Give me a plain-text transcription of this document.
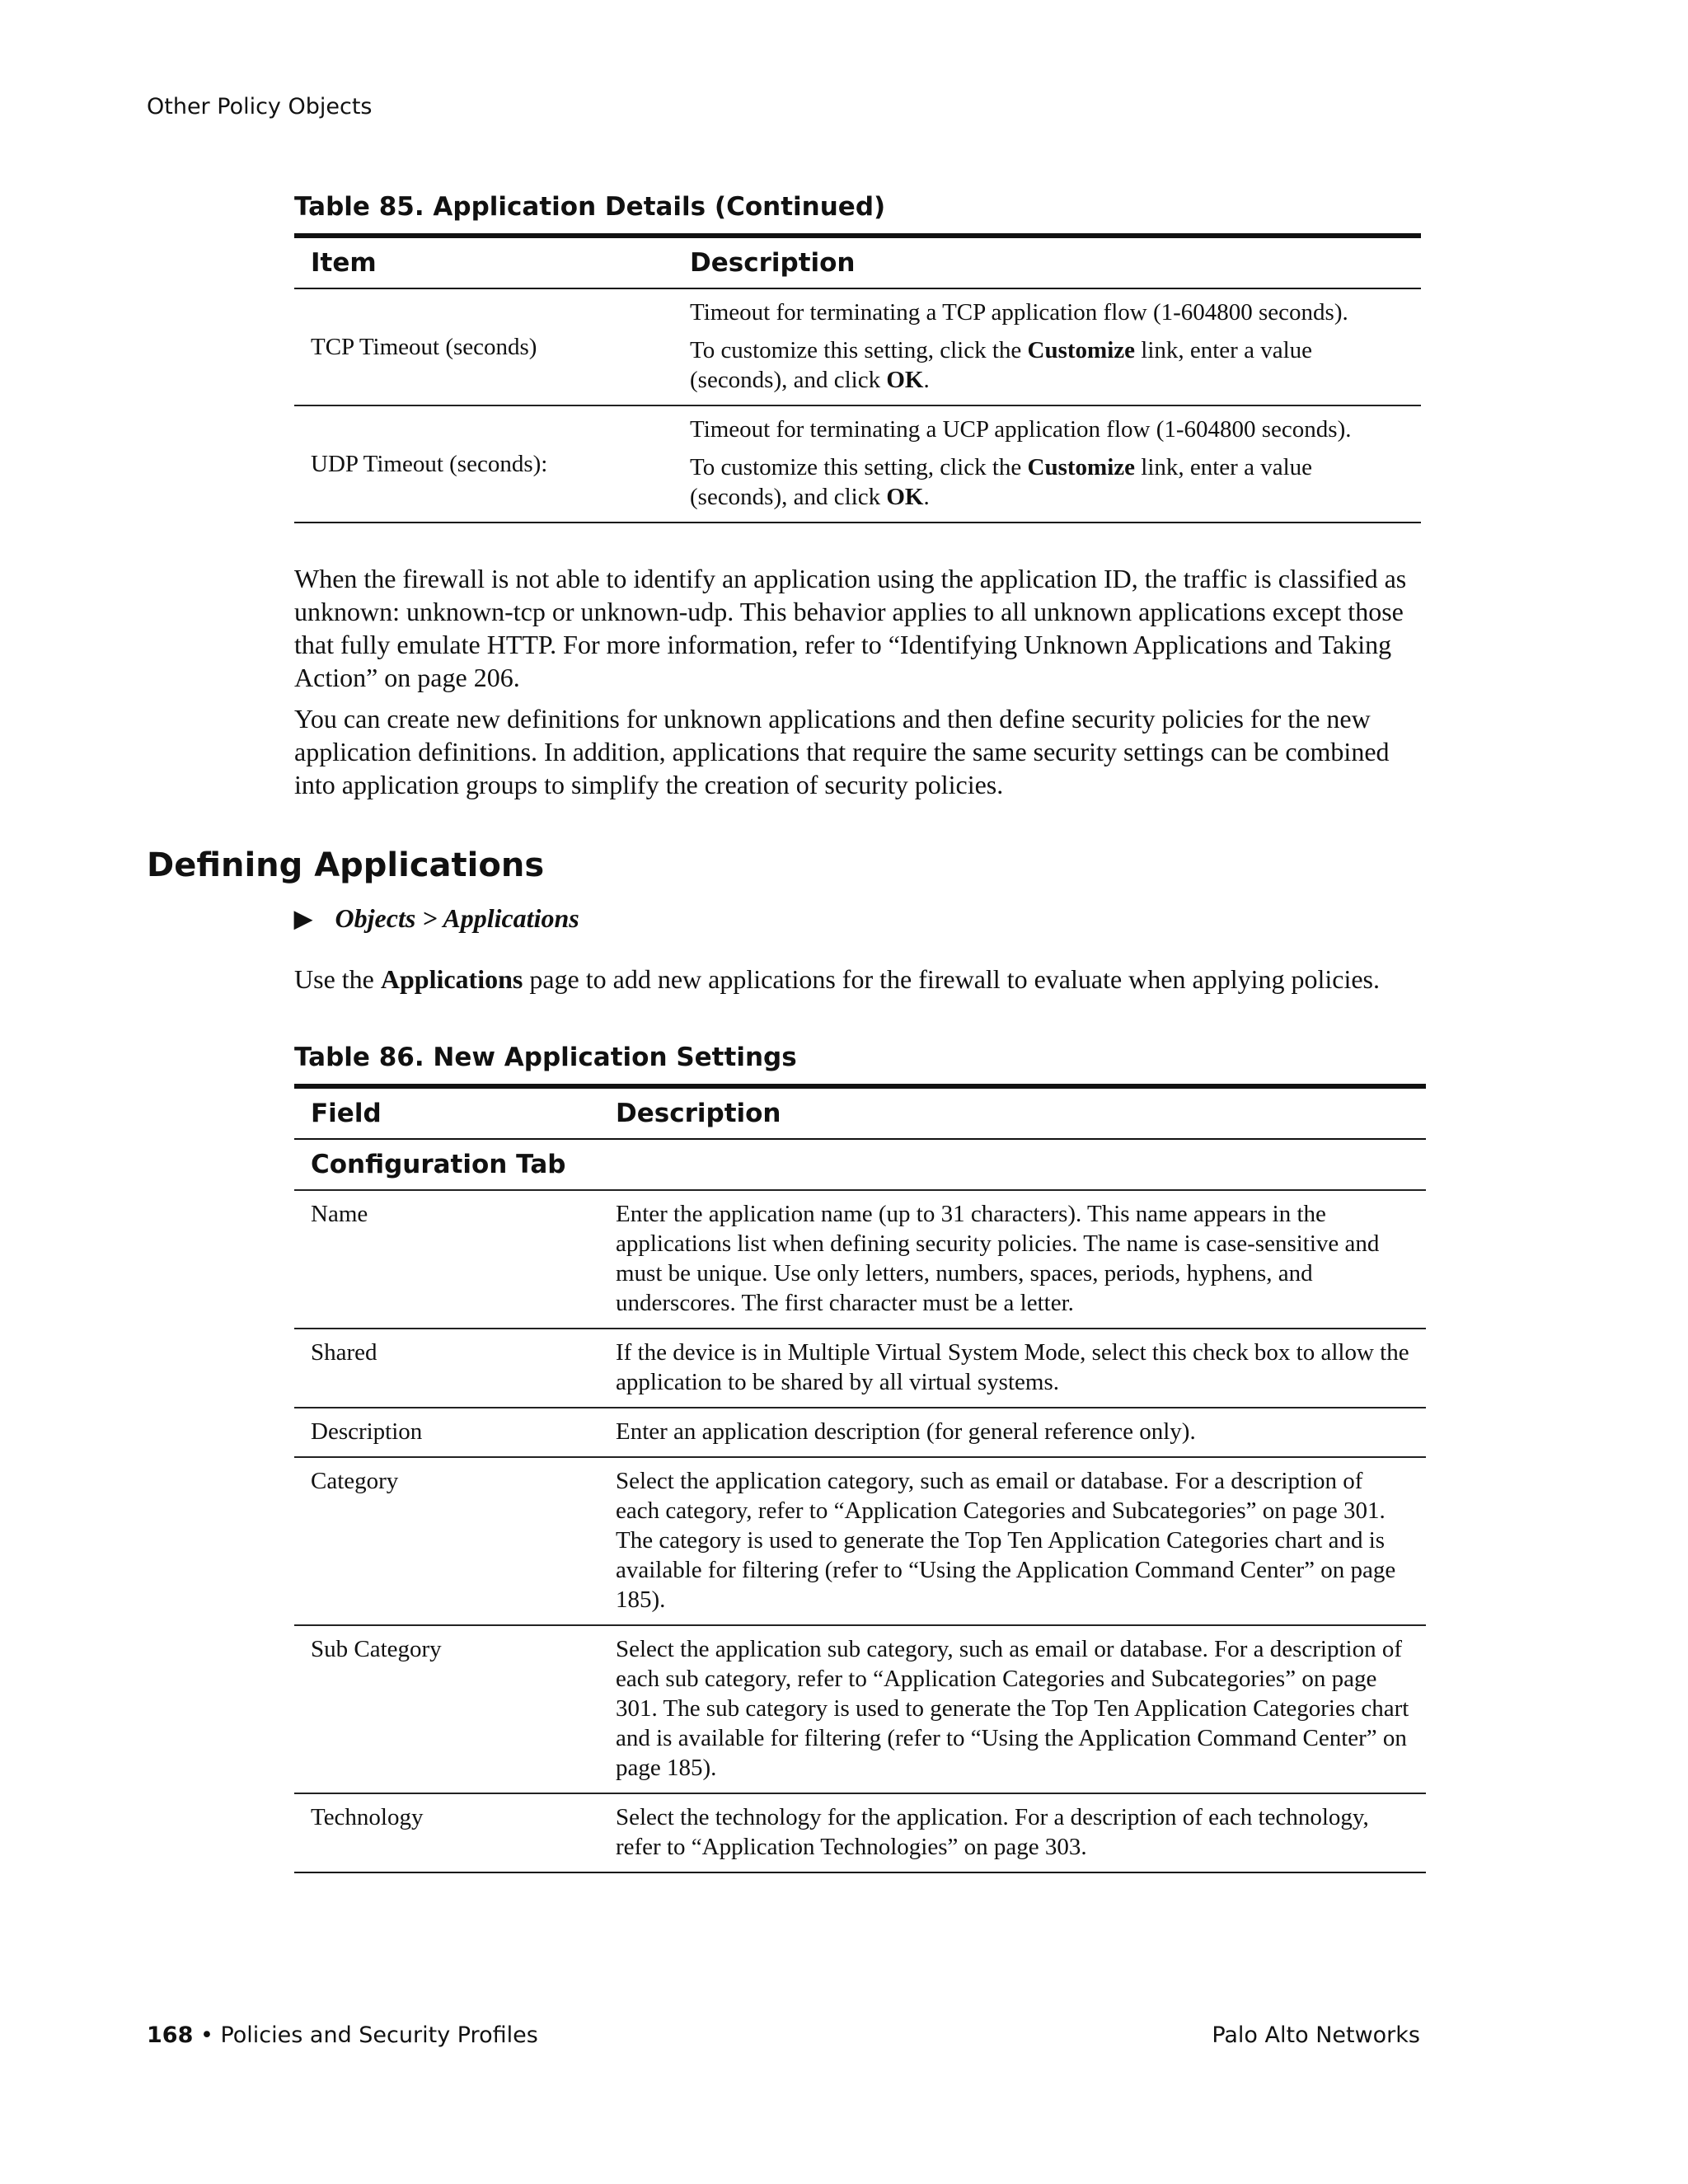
Other Policy Objects
Table 85. Application Details (Continued)
Item	Description
TCP Timeout (seconds)	Timeout for terminating a TCP application flow (1-604800 seconds).

To customize this setting, click the Customize link, enter a value (seconds), and click OK.

UDP Timeout (seconds):	Timeout for terminating a UCP application flow (1-604800 seconds).

To customize this setting, click the Customize link, enter a value (seconds), and click OK.

When the firewall is not able to identify an application using the application ID, the traffic is classified as unknown: unknown-tcp or unknown-udp. This behavior applies to all unknown applications except those that fully emulate HTTP. For more information, refer to “Identifying Unknown Applications and Taking Action” on page 206.

You can create new definitions for unknown applications and then define security policies for the new application definitions. In addition, applications that require the same security settings can be combined into application groups to simplify the creation of security policies.

Defining Applications
▶ Objects > Applications
Use the Applications page to add new applications for the firewall to evaluate when applying policies.
Table 86. New Application Settings
Field	Description
Configuration Tab	
Name	Enter the application name (up to 31 characters). This name appears in the applications list when defining security policies. The name is case-sensitive and must be unique. Use only letters, numbers, spaces, periods, hyphens, and underscores. The first character must be a letter.
Shared	If the device is in Multiple Virtual System Mode, select this check box to allow the application to be shared by all virtual systems.
Description	Enter an application description (for general reference only).
Category	Select the application category, such as email or database. For a description of each category, refer to “Application Categories and Subcategories” on page 301. The category is used to generate the Top Ten Application Categories chart and is available for filtering (refer to “Using the Application Command Center” on page 185).
Sub Category	Select the application sub category, such as email or database. For a description of each sub category, refer to “Application Categories and Subcategories” on page 301. The sub category is used to generate the Top Ten Application Categories chart and is available for filtering (refer to “Using the Application Command Center” on page 185).
Technology	Select the technology for the application. For a description of each technology, refer to “Application Technologies” on page 303.
168 • Policies and Security Profiles	Palo Alto Networks
